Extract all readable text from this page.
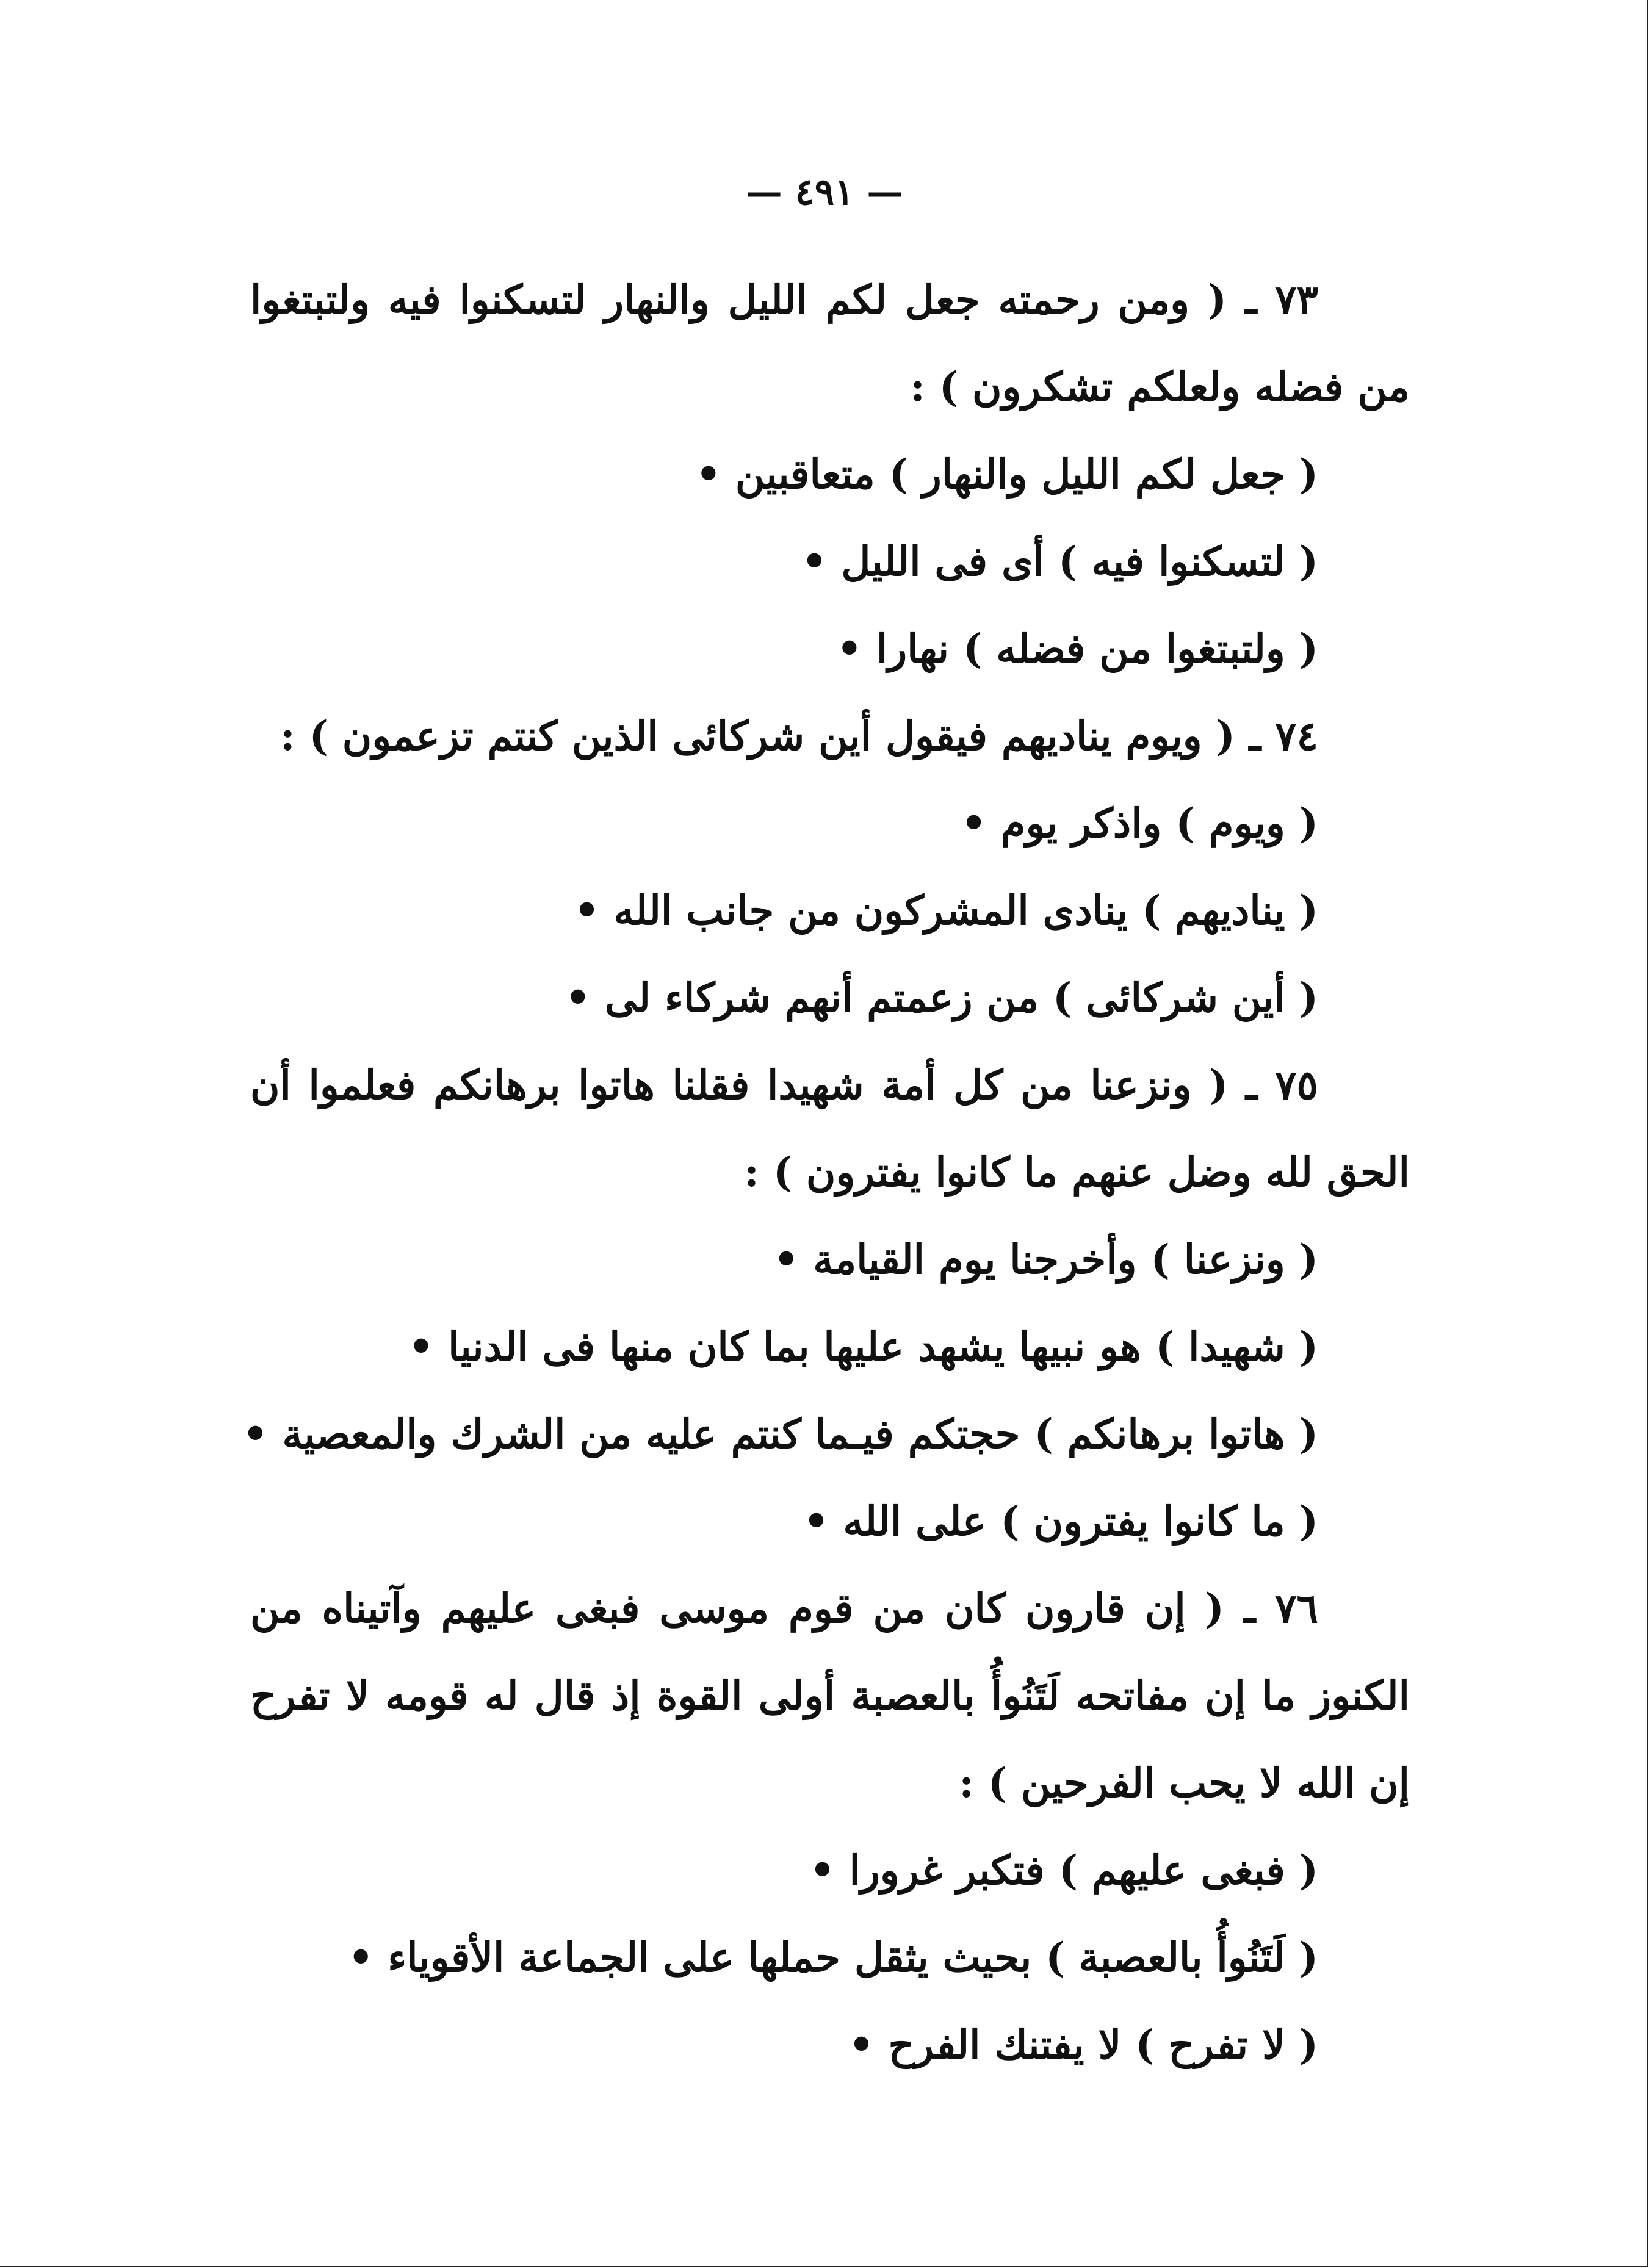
— ٤٩١ —
٧٣ ـ ( ومن رحمته جعل لكم الليل والنهار لتسكنوا فيه ولتبتغوا من فضله ولعلكم تشكرون ) :
( جعل لكم الليل والنهار ) متعاقبين •
( لتسكنوا فيه ) أى فى الليل •
( ولتبتغوا من فضله ) نهارا •
٧٤ ـ ( ويوم يناديهم فيقول أين شركائى الذين كنتم تزعمون ) :
( ويوم ) واذكر يوم •
( يناديهم ) ينادى المشركون من جانب الله •
( أين شركائى ) من زعمتم أنهم شركاء لى •
٧٥ ـ ( ونزعنا من كل أمة شهيدا فقلنا هاتوا برهانكم فعلموا أن الحق لله وضل عنهم ما كانوا يفترون ) :
( ونزعنا ) وأخرجنا يوم القيامة •
( شهيدا ) هو نبيها يشهد عليها بما كان منها فى الدنيا •
( هاتوا برهانكم ) حجتكم فيـما كنتم عليه من الشرك والمعصية •
( ما كانوا يفترون ) على الله •
٧٦ ـ ( إن قارون كان من قوم موسى فبغى عليهم وآتيناه من الكنوز ما إن مفاتحه لَتَنُوأُ بالعصبة أولى القوة إذ قال له قومه لا تفرح إن الله لا يحب الفرحين ) :
( فبغى عليهم ) فتكبر غرورا •
( لَتَنُوأُ بالعصبة ) بحيث يثقل حملها على الجماعة الأقوياء •
( لا تفرح ) لا يفتنك الفرح •
